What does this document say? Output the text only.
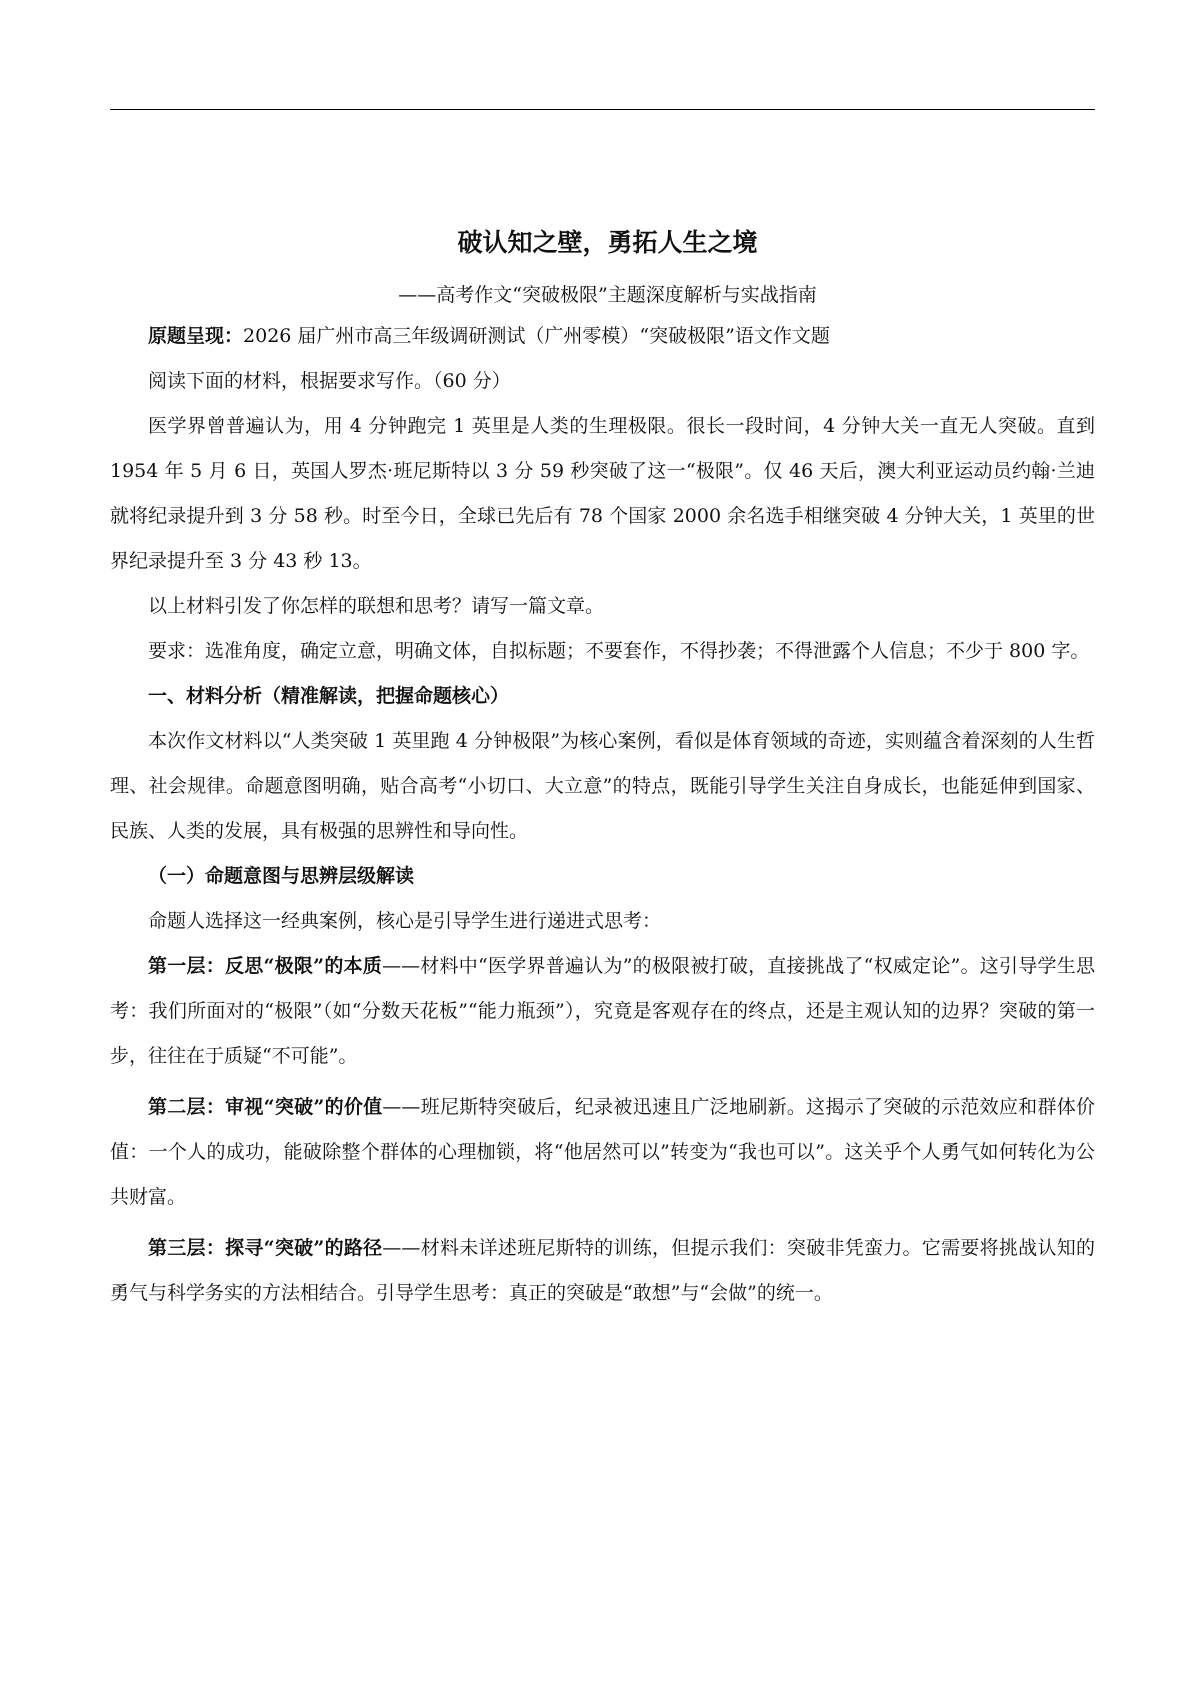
破认知之壁，勇拓人生之境
——高考作文“突破极限”主题深度解析与实战指南

原题呈现：2026 届广州市高三年级调研测试（广州零模）“突破极限”语文作文题

阅读下面的材料，根据要求写作。（60 分）

医学界曾普遍认为，用 4 分钟跑完 1 英里是人类的生理极限。很长一段时间，4 分钟大关一直无人突破。直到 1954 年 5 月 6 日，英国人罗杰·班尼斯特以 3 分 59 秒突破了这一“极限”。仅 46 天后，澳大利亚运动员约翰·兰迪就将纪录提升到 3 分 58 秒。时至今日，全球已先后有 78 个国家 2000 余名选手相继突破 4 分钟大关，1 英里的世界纪录提升至 3 分 43 秒 13。

以上材料引发了你怎样的联想和思考？请写一篇文章。

要求：选准角度，确定立意，明确文体，自拟标题；不要套作，不得抄袭；不得泄露个人信息；不少于 800 字。

一、材料分析（精准解读，把握命题核心）

本次作文材料以“人类突破 1 英里跑 4 分钟极限”为核心案例，看似是体育领域的奇迹，实则蕴含着深刻的人生哲理、社会规律。命题意图明确，贴合高考“小切口、大立意”的特点，既能引导学生关注自身成长，也能延伸到国家、民族、人类的发展，具有极强的思辨性和导向性。

（一）命题意图与思辨层级解读

命题人选择这一经典案例，核心是引导学生进行递进式思考：

第一层：反思“极限”的本质——材料中“医学界普遍认为”的极限被打破，直接挑战了“权威定论”。这引导学生思考：我们所面对的“极限”（如“分数天花板”“能力瓶颈”），究竟是客观存在的终点，还是主观认知的边界？突破的第一步，往往在于质疑“不可能”。

第二层：审视“突破”的价值——班尼斯特突破后，纪录被迅速且广泛地刷新。这揭示了突破的示范效应和群体价值：一个人的成功，能破除整个群体的心理枷锁，将“他居然可以”转变为“我也可以”。这关乎个人勇气如何转化为公共财富。

第三层：探寻“突破”的路径——材料未详述班尼斯特的训练，但提示我们：突破非凭蛮力。它需要将挑战认知的勇气与科学务实的方法相结合。引导学生思考：真正的突破是“敢想”与“会做”的统一。
